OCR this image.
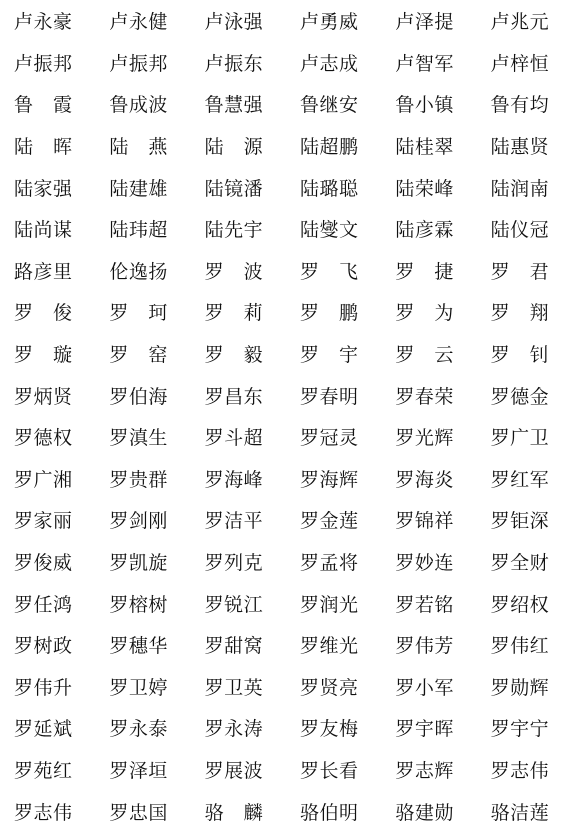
卢永豪	卢永健	卢泳强	卢勇威	卢泽提	卢兆元
卢振邦	卢振邦	卢振东	卢志成	卢智军	卢梓恒
鲁　霞	鲁成波	鲁慧强	鲁继安	鲁小镇	鲁有均
陆　晖	陆　燕	陆　源	陆超鹏	陆桂翠	陆惠贤
陆家强	陆建雄	陆镜潘	陆璐聪	陆荣峰	陆润南
陆尚谋	陆玮超	陆先宇	陆燮文	陆彦霖	陆仪冠
路彦里	伦逸扬	罗　波	罗　飞	罗　捷	罗　君
罗　俊	罗　珂	罗　莉	罗　鹏	罗　为	罗　翔
罗　璇	罗　窑	罗　毅	罗　宇	罗　云	罗　钊
罗炳贤	罗伯海	罗昌东	罗春明	罗春荣	罗德金
罗德权	罗滇生	罗斗超	罗冠灵	罗光辉	罗广卫
罗广湘	罗贵群	罗海峰	罗海辉	罗海炎	罗红军
罗家丽	罗剑刚	罗洁平	罗金莲	罗锦祥	罗钜深
罗俊威	罗凯旋	罗列克	罗孟将	罗妙连	罗全财
罗任鸿	罗榕树	罗锐江	罗润光	罗若铭	罗绍权
罗树政	罗穗华	罗甜窝	罗维光	罗伟芳	罗伟红
罗伟升	罗卫婷	罗卫英	罗贤亮	罗小军	罗勋辉
罗延斌	罗永泰	罗永涛	罗友梅	罗宇晖	罗宇宁
罗苑红	罗泽垣	罗展波	罗长看	罗志辉	罗志伟
罗志伟	罗忠国	骆　麟	骆伯明	骆建勋	骆洁莲
